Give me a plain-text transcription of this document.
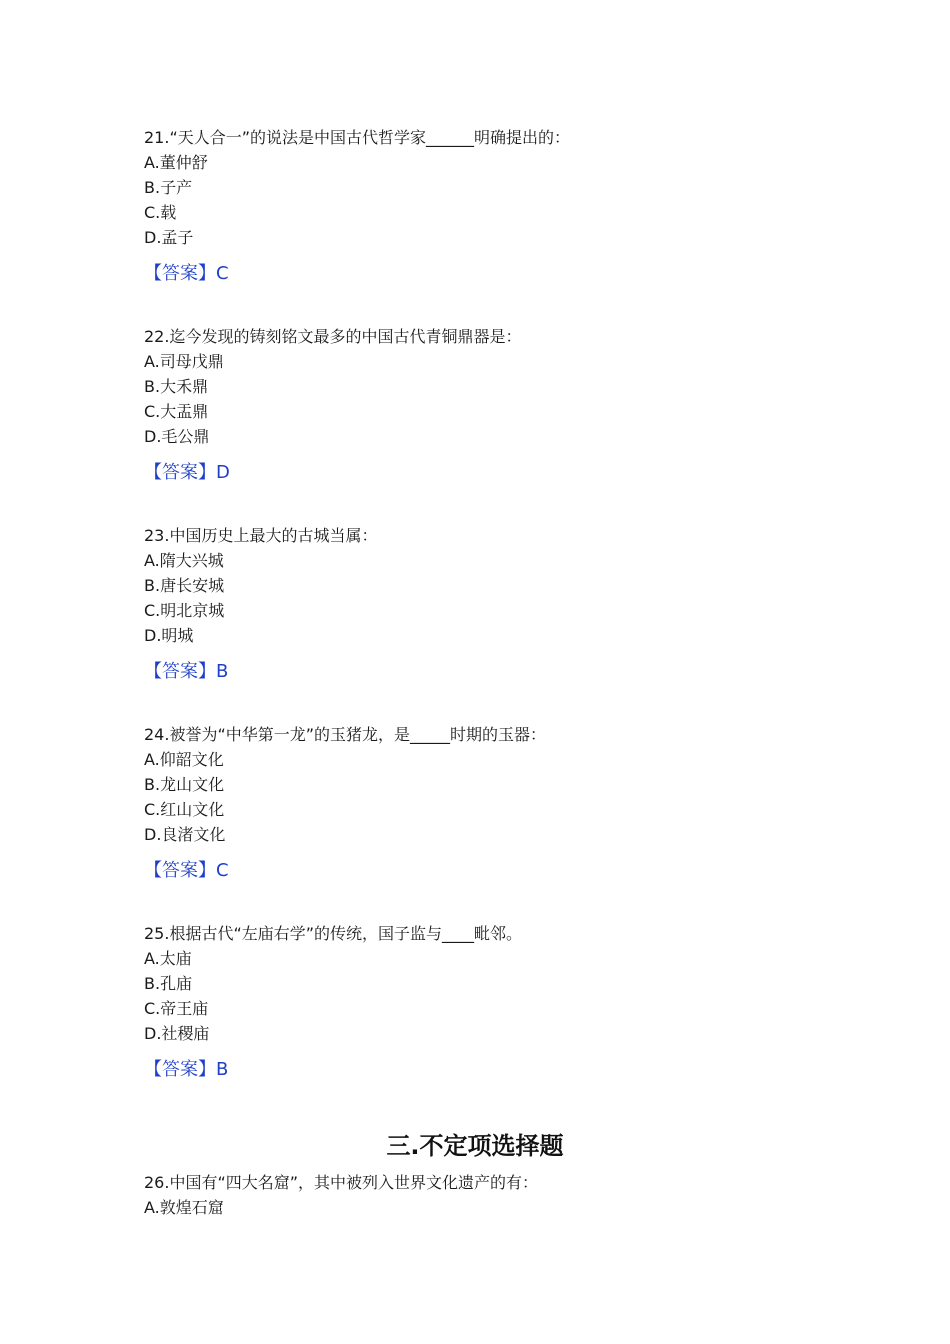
21.“天人合一”的说法是中国古代哲学家______明确提出的：
A.董仲舒
B.子产
C.载
D.孟子
【答案】C
22.迄今发现的铸刻铭文最多的中国古代青铜鼎器是：
A.司母戊鼎
B.大禾鼎
C.大盂鼎
D.毛公鼎
【答案】D
23.中国历史上最大的古城当属：
A.隋大兴城
B.唐长安城
C.明北京城
D.明城
【答案】B
24.被誉为“中华第一龙”的玉猪龙，是_____时期的玉器：
A.仰韶文化
B.龙山文化
C.红山文化
D.良渚文化
【答案】C
25.根据古代“左庙右学”的传统，国子监与____毗邻。
A.太庙
B.孔庙
C.帝王庙
D.社稷庙
【答案】B
三.不定项选择题
26.中国有“四大名窟”，其中被列入世界文化遗产的有：
A.敦煌石窟
